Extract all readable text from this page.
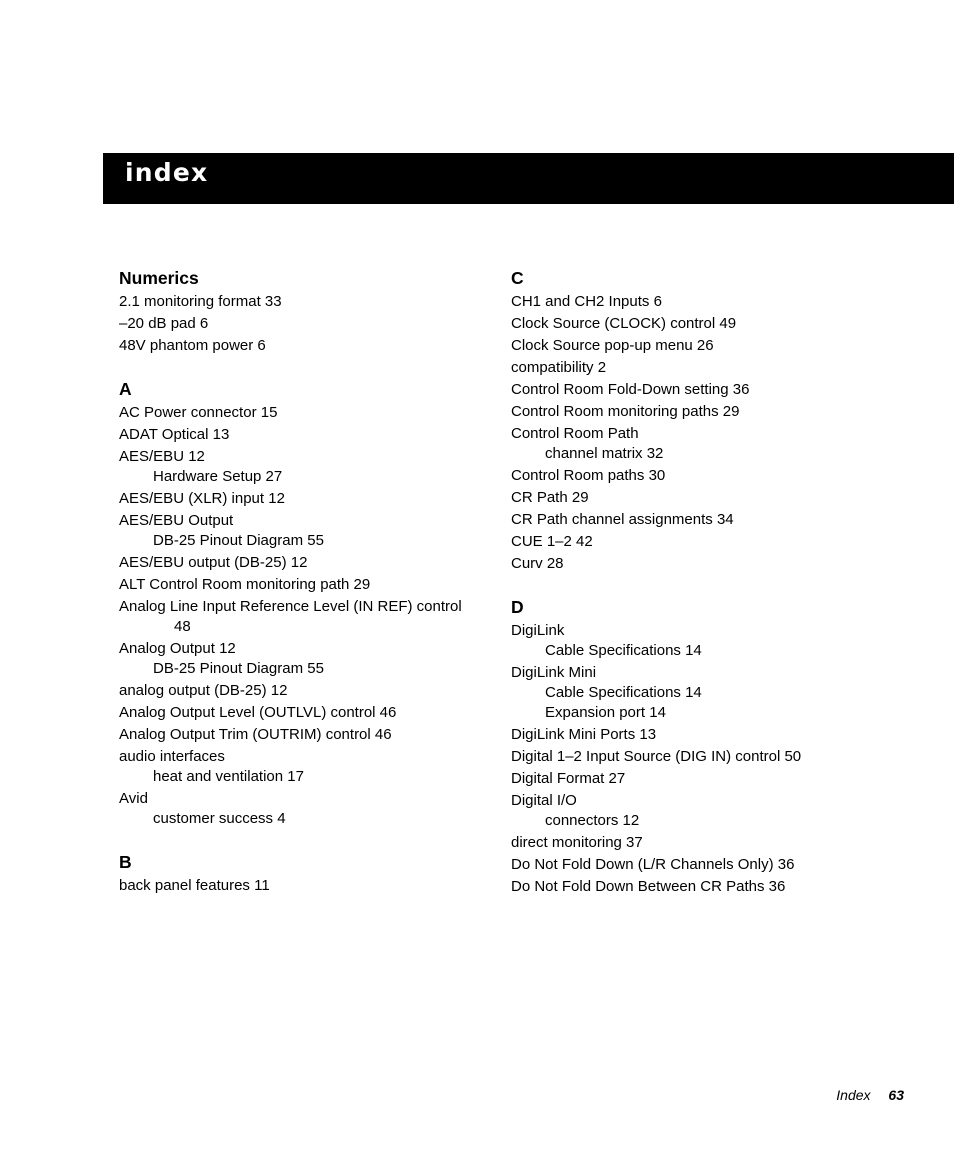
index
Numerics
2.1 monitoring format 33
–20 dB pad 6
48V phantom power 6
A
AC Power connector 15
ADAT Optical 13
AES/EBU 12
Hardware Setup 27
AES/EBU (XLR) input 12
AES/EBU Output
DB-25 Pinout Diagram 55
AES/EBU output (DB-25) 12
ALT Control Room monitoring path 29
Analog Line Input Reference Level (IN REF) control
48
Analog Output 12
DB-25 Pinout Diagram 55
analog output (DB-25) 12
Analog Output Level (OUTLVL) control 46
Analog Output Trim (OUTRIM) control 46
audio interfaces
heat and ventilation 17
Avid
customer success 4
B
back panel features 11
C
CH1 and CH2 Inputs 6
Clock Source (CLOCK) control 49
Clock Source pop-up menu 26
compatibility 2
Control Room Fold-Down setting 36
Control Room monitoring paths 29
Control Room Path
channel matrix 32
Control Room paths 30
CR Path 29
CR Path channel assignments 34
CUE 1–2 42
Curv 28
D
DigiLink
Cable Specifications 14
DigiLink Mini
Cable Specifications 14
Expansion port 14
DigiLink Mini Ports 13
Digital 1–2 Input Source (DIG IN) control 50
Digital Format 27
Digital I/O
connectors 12
direct monitoring 37
Do Not Fold Down (L/R Channels Only) 36
Do Not Fold Down Between CR Paths 36
Index 63
